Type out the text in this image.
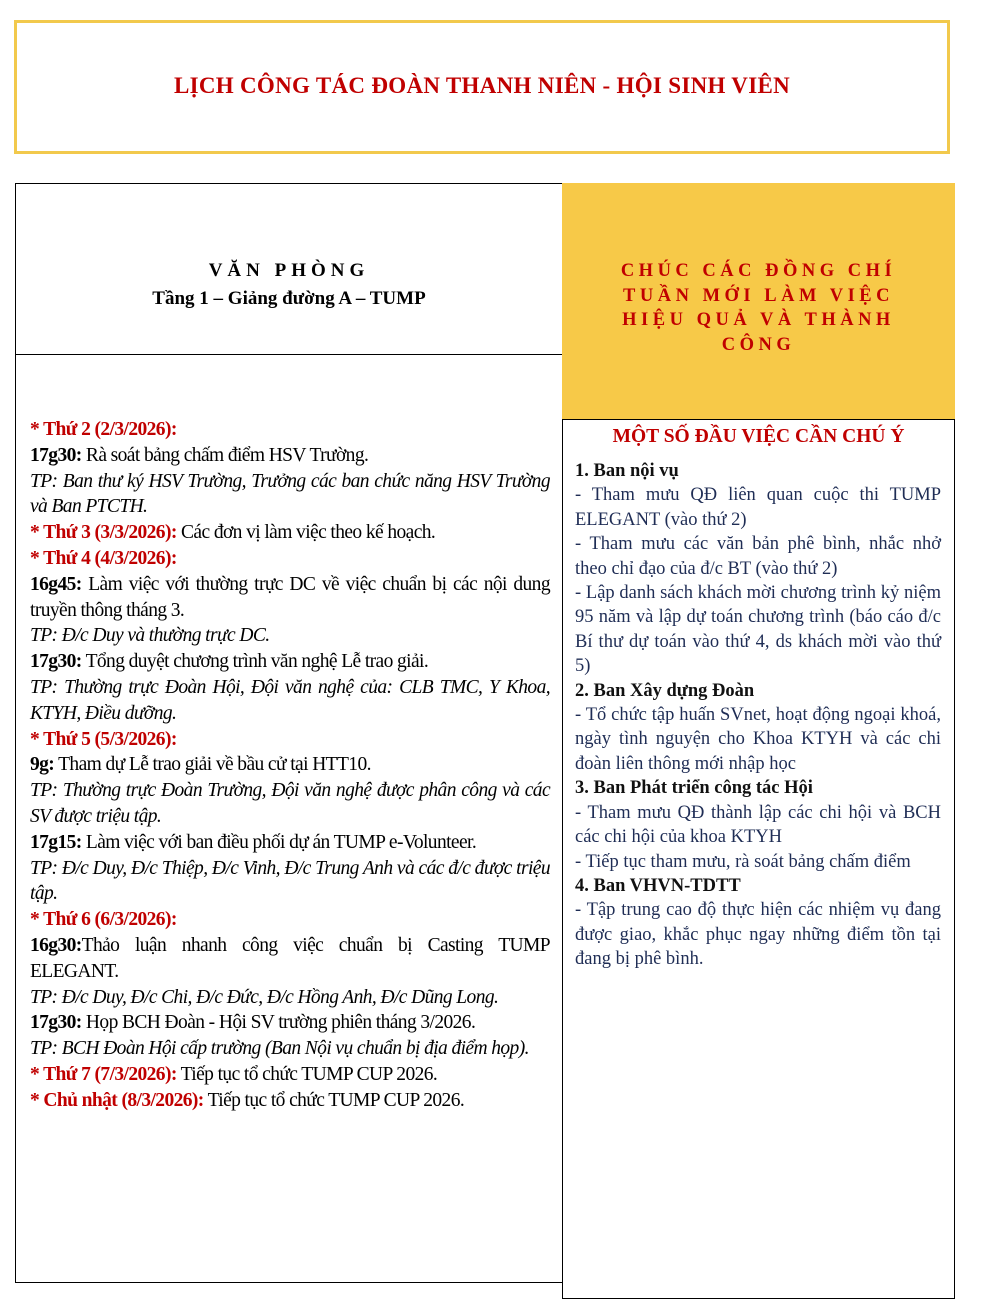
LỊCH CÔNG TÁC ĐOÀN THANH NIÊN - HỘI SINH VIÊN
VĂN PHÒNG
Tầng 1 – Giảng đường A – TUMP

* Thứ 2 (2/3/2026):

17g30: Rà soát bảng chấm điểm HSV Trường.

TP: Ban thư ký HSV Trường, Trưởng các ban chức năng HSV Trường và Ban PTCTH.

* Thứ 3 (3/3/2026): Các đơn vị làm việc theo kế hoạch.

* Thứ 4 (4/3/2026):

16g45: Làm việc với thường trực DC về việc chuẩn bị các nội dung truyền thông tháng 3.

TP: Đ/c Duy và thường trực DC.

17g30: Tổng duyệt chương trình văn nghệ Lễ trao giải.

TP: Thường trực Đoàn Hội, Đội văn nghệ của: CLB TMC, Y Khoa, KTYH, Điều dưỡng.

* Thứ 5 (5/3/2026):

9g: Tham dự Lễ trao giải về bầu cử tại HTT10.

TP: Thường trực Đoàn Trường, Đội văn nghệ được phân công và các SV được triệu tập.

17g15: Làm việc với ban điều phối dự án TUMP e-Volunteer.

TP: Đ/c Duy, Đ/c Thiệp, Đ/c Vinh, Đ/c Trung Anh và các đ/c được triệu tập.

* Thứ 6 (6/3/2026):

16g30:Thảo luận nhanh công việc chuẩn bị Casting TUMP ELEGANT.

TP: Đ/c Duy, Đ/c Chi, Đ/c Đức, Đ/c Hồng Anh, Đ/c Dũng Long.

17g30: Họp BCH Đoàn - Hội SV trường phiên tháng 3/2026.

TP: BCH Đoàn Hội cấp trường (Ban Nội vụ chuẩn bị địa điểm họp).

* Thứ 7 (7/3/2026): Tiếp tục tổ chức TUMP CUP 2026.

* Chủ nhật (8/3/2026): Tiếp tục tổ chức TUMP CUP 2026.

CHÚC CÁC ĐỒNG CHÍ TUẦN MỚI LÀM VIỆC HIỆU QUẢ VÀ THÀNH CÔNG
MỘT SỐ ĐẦU VIỆC CẦN CHÚ Ý

1. Ban nội vụ

- Tham mưu QĐ liên quan cuộc thi TUMP ELEGANT (vào thứ 2)

- Tham mưu các văn bản phê bình, nhắc nhở theo chỉ đạo của đ/c BT (vào thứ 2)

- Lập danh sách khách mời chương trình kỷ niệm 95 năm và lập dự toán chương trình (báo cáo đ/c Bí thư dự toán vào thứ 4, ds khách mời vào thứ 5)

2. Ban Xây dựng Đoàn

- Tổ chức tập huấn SVnet, hoạt động ngoại khoá, ngày tình nguyện cho Khoa KTYH và các chi đoàn liên thông mới nhập học

3. Ban Phát triển công tác Hội

- Tham mưu QĐ thành lập các chi hội và BCH các chi hội của khoa KTYH

- Tiếp tục tham mưu, rà soát bảng chấm điểm

4. Ban VHVN-TDTT

- Tập trung cao độ thực hiện các nhiệm vụ đang được giao, khắc phục ngay những điểm tồn tại đang bị phê bình.
